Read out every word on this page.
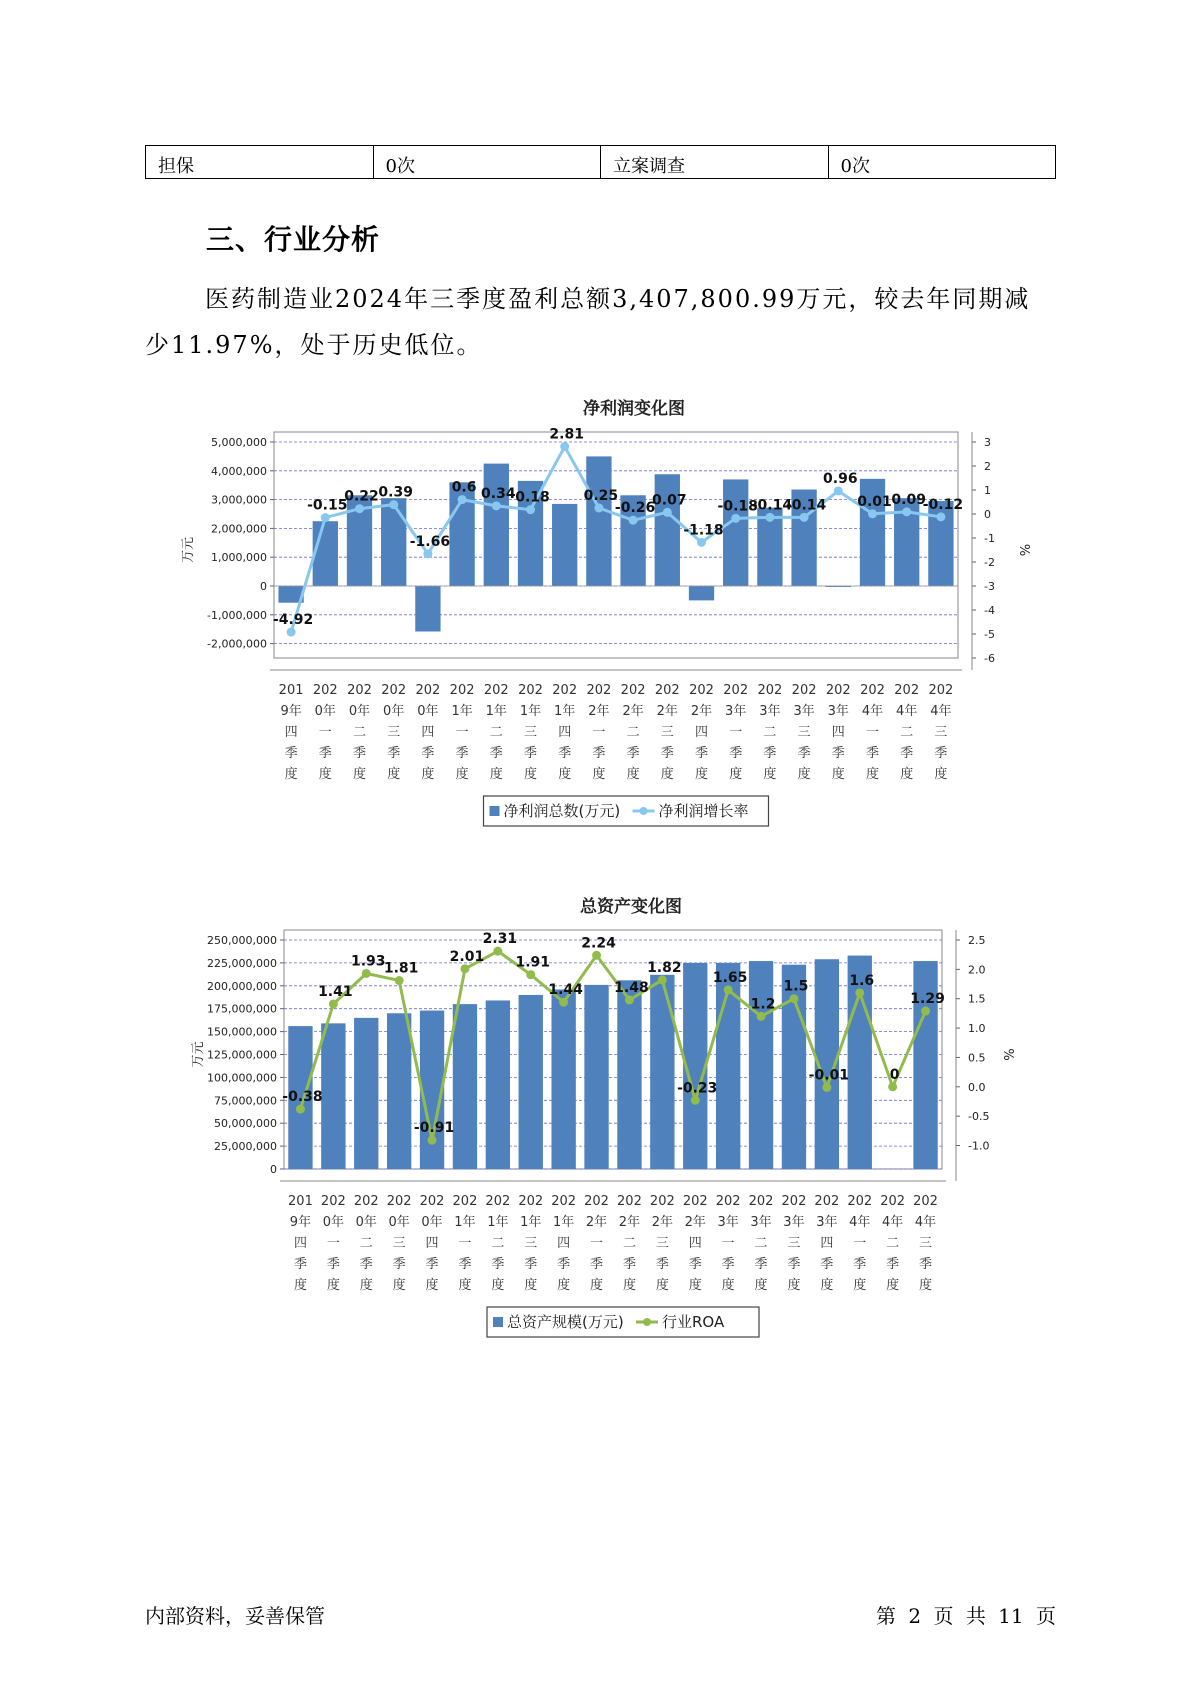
担保	0次	立案调查	0次
三、行业分析

医药制造业2024年三季度盈利总额3,407,800.99万元，较去年同期减少11.97%，处于历史低位。

净利润变化图
5,000,000
4,000,000
3,000,000
2,000,000
1,000,000
0
-1,000,000
-2,000,000
3
2
1
0
-1
-2
-3
-4
-5
-6
万元	%
-4.92
-0.15
0.22 0.39
-1.66
0.6 0.34 0.18
2.81
0.25
-0.26
0.07
-1.18
-0.18
-0.14
-0.14
0.96
0.01 0.09
-0.12
201
9年
四
季
度
202
0年
一
季
度
202
0年
二
季
度
202
0年
三
季
度
202
0年
四
季
度
202
1年
一
季
度
202
1年
二
季
度
202
1年
三
季
度
202
1年
四
季
度
202
2年
一
季
度
202
2年
二
季
度
202
2年
三
季
度
202
2年
四
季
度
202
3年
一
季
度
202
3年
二
季
度
202
3年
三
季
度
202
3年
四
季
度
202
4年
一
季
度
202
4年
二
季
度
202
4年
三
季
度
净利润总数(万元)	净利润增长率
总资产变化图
250,000,000
225,000,000
200,000,000
175,000,000
150,000,000
125,000,000
100,000,000
75,000,000
50,000,000
25,000,000
0
2.5
2.0
1.5
1.0
0.5
0.0
-0.5
-1.0
万元	%
-0.38
1.41
1.93
1.81
-0.91
2.01
2.31
1.91
1.44
2.24
1.48
1.82
-0.23
1.65
1.2
1.5
-0.01
1.6
0
1.29
201
9年
四
季
度
202
0年
一
季
度
202
0年
二
季
度
202
0年
三
季
度
202
0年
四
季
度
202
1年
一
季
度
202
1年
二
季
度
202
1年
三
季
度
202
1年
四
季
度
202
2年
一
季
度
202
2年
二
季
度
202
2年
三
季
度
202
2年
四
季
度
202
3年
一
季
度
202
3年
二
季
度
202
3年
三
季
度
202
3年
四
季
度
202
4年
一
季
度
202
4年
二
季
度
202
4年
三
季
度
总资产规模(万元)	行业ROA

内部资料，妥善保管	第 2 页 共 11 页
